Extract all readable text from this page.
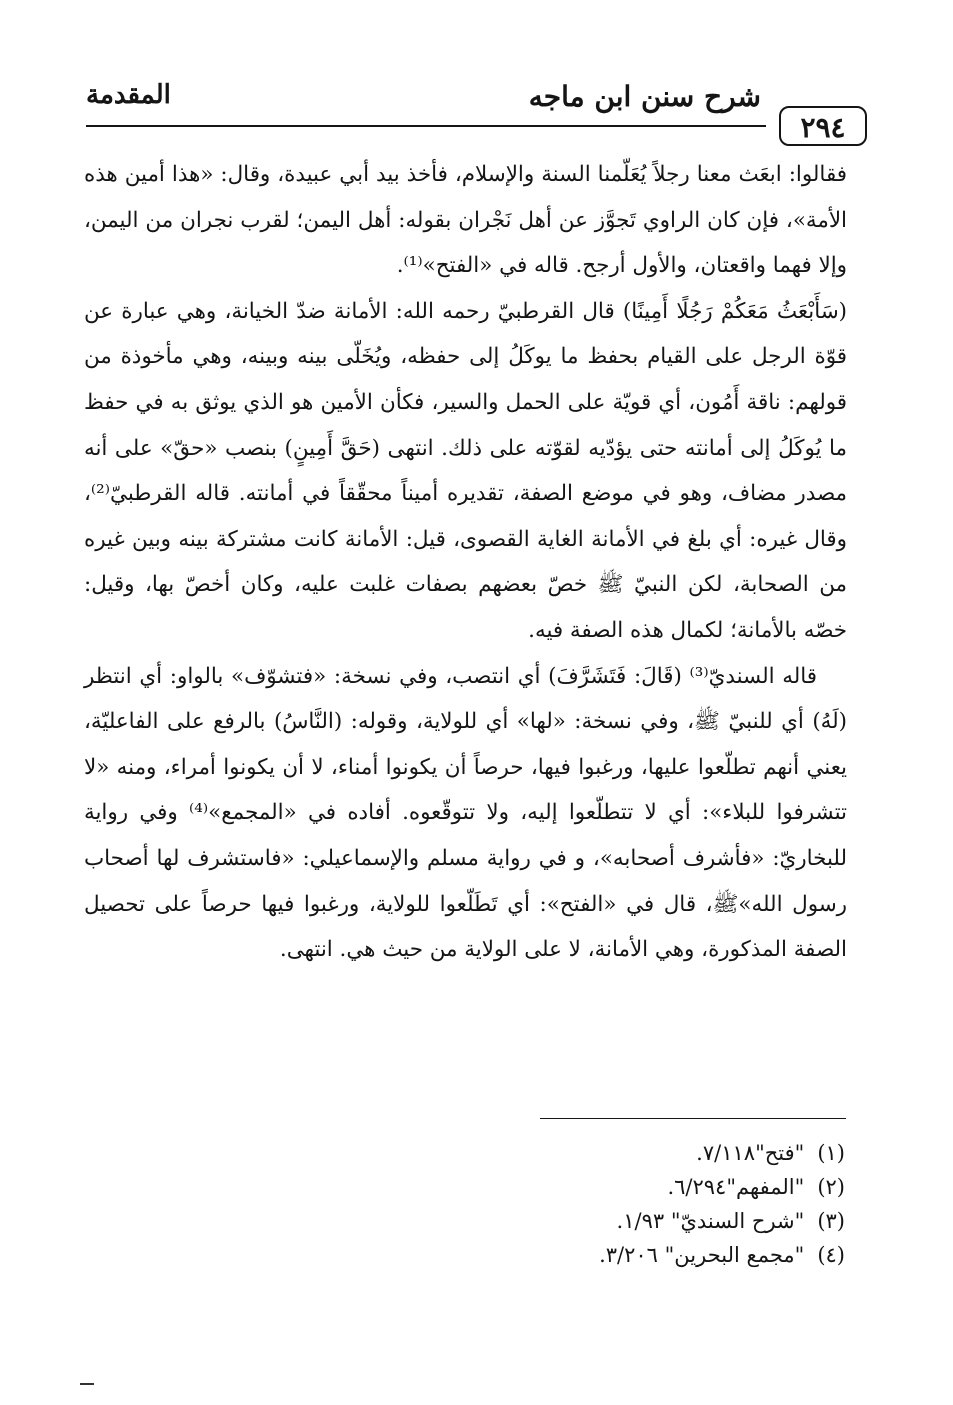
المقدمة	شرح سنن ابن ماجه
٢٩٤

فقالوا: ابعَث معنا رجلاً يُعَلّمنا السنة والإسلام، فأخذ بيد أبي عبيدة، وقال: «هذا أمين هذه الأمة»، فإن كان الراوي تَجوَّز عن أهل نَجْران بقوله: أهل اليمن؛ لقرب نجران من اليمن، وإلا فهما واقعتان، والأول أرجح. قاله في «الفتح»⁽¹⁾.

(سَأَبْعَثُ مَعَكُمْ رَجُلًا أَمِينًا) قال القرطبيّ رحمه الله: الأمانة ضدّ الخيانة، وهي عبارة عن قوّة الرجل على القيام بحفظ ما يوكَلُ إلى حفظه، ويُخَلّى بينه وبينه، وهي مأخوذة من قولهم: ناقة أَمُون، أي قويّة على الحمل والسير، فكأن الأمين هو الذي يوثق به في حفظ ما يُوكَلُ إلى أمانته حتى يؤدّيه لقوّته على ذلك. انتهى (حَقَّ أَمِينٍ) بنصب «حقّ» على أنه مصدر مضاف، وهو في موضع الصفة، تقديره أميناً محقّقاً في أمانته. قاله القرطبيّ⁽²⁾، وقال غيره: أي بلغ في الأمانة الغاية القصوى، قيل: الأمانة كانت مشتركة بينه وبين غيره من الصحابة، لكن النبيّ ﷺ خصّ بعضهم بصفات غلبت عليه، وكان أخصّ بها، وقيل: خصّه بالأمانة؛ لكمال هذه الصفة فيه.

قاله السنديّ⁽³⁾ (قَالَ: فَتَشَرَّفَ) أي انتصب، وفي نسخة: «فتشوّف» بالواو: أي انتظر (لَهُ) أي للنبيّ ﷺ، وفي نسخة: «لها» أي للولاية، وقوله: (النَّاسُ) بالرفع على الفاعليّة، يعني أنهم تطلّعوا عليها، ورغبوا فيها، حرصاً أن يكونوا أمناء، لا أن يكونوا أمراء، ومنه «لا تتشرفوا للبلاء»: أي لا تتطلّعوا إليه، ولا تتوقّعوه. أفاده في «المجمع»⁽⁴⁾ وفي رواية للبخاريّ: «فأشرف أصحابه»، و في رواية مسلم والإسماعيلي: «فاستشرف لها أصحاب رسول الله»ﷺ، قال في «الفتح»: أي تَطَلّعوا للولاية، ورغبوا فيها حرصاً على تحصيل الصفة المذكورة، وهي الأمانة، لا على الولاية من حيث هي. انتهى.

(١) "فتح"٧/١١٨.
(٢) "المفهم"٦/٢٩٤.
(٣) "شرح السنديّ" ١/٩٣.
(٤) "مجمع البحرين" ٣/٢٠٦.
